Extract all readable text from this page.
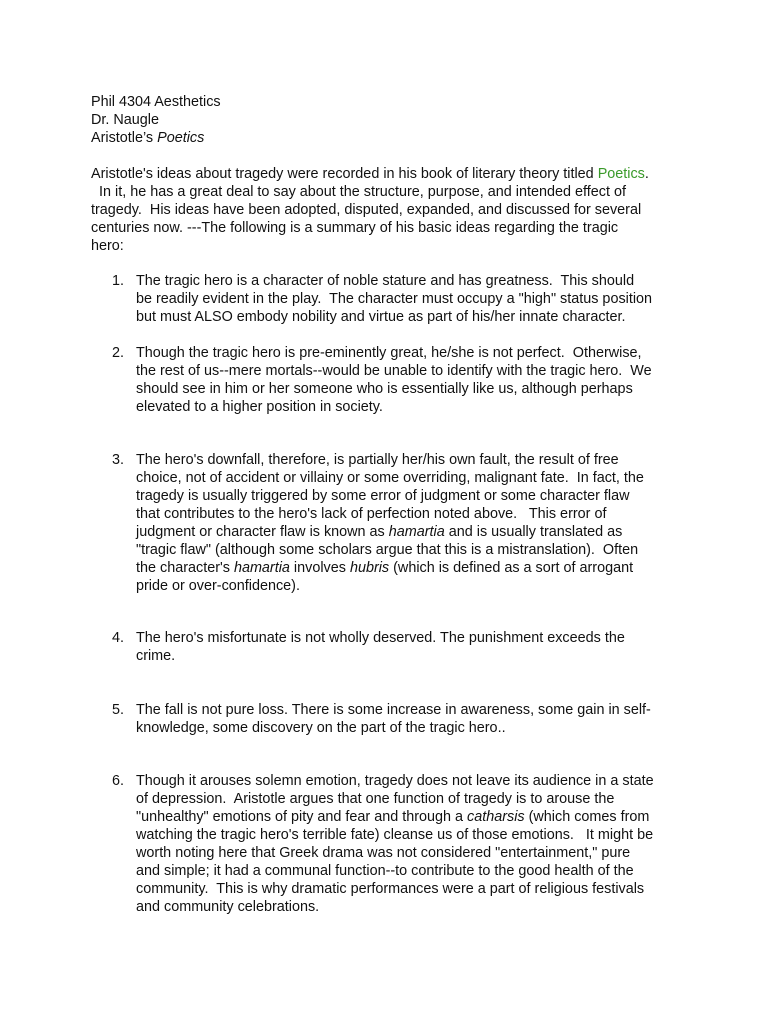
Phil 4304 Aesthetics
Dr. Naugle
Aristotle’s Poetics
Aristotle's ideas about tragedy were recorded in his book of literary theory titled Poetics.
In it, he has a great deal to say about the structure, purpose, and intended effect of
tragedy.  His ideas have been adopted, disputed, expanded, and discussed for several
centuries now. ---The following is a summary of his basic ideas regarding the tragic
hero:
1. The tragic hero is a character of noble stature and has greatness.  This should
be readily evident in the play.  The character must occupy a "high" status position
but must ALSO embody nobility and virtue as part of his/her innate character.
2. Though the tragic hero is pre-eminently great, he/she is not perfect.  Otherwise,
the rest of us--mere mortals--would be unable to identify with the tragic hero.  We
should see in him or her someone who is essentially like us, although perhaps
elevated to a higher position in society.
3. The hero's downfall, therefore, is partially her/his own fault, the result of free
choice, not of accident or villainy or some overriding, malignant fate.  In fact, the
tragedy is usually triggered by some error of judgment or some character flaw
that contributes to the hero's lack of perfection noted above.   This error of
judgment or character flaw is known as hamartia and is usually translated as
"tragic flaw" (although some scholars argue that this is a mistranslation).  Often
the character's hamartia involves hubris (which is defined as a sort of arrogant
pride or over-confidence).
4. The hero's misfortunate is not wholly deserved. The punishment exceeds the
crime.
5. The fall is not pure loss. There is some increase in awareness, some gain in self-
knowledge, some discovery on the part of the tragic hero..
6. Though it arouses solemn emotion, tragedy does not leave its audience in a state
of depression.  Aristotle argues that one function of tragedy is to arouse the
"unhealthy" emotions of pity and fear and through a catharsis (which comes from
watching the tragic hero's terrible fate) cleanse us of those emotions.   It might be
worth noting here that Greek drama was not considered "entertainment," pure
and simple; it had a communal function--to contribute to the good health of the
community.  This is why dramatic performances were a part of religious festivals
and community celebrations.
